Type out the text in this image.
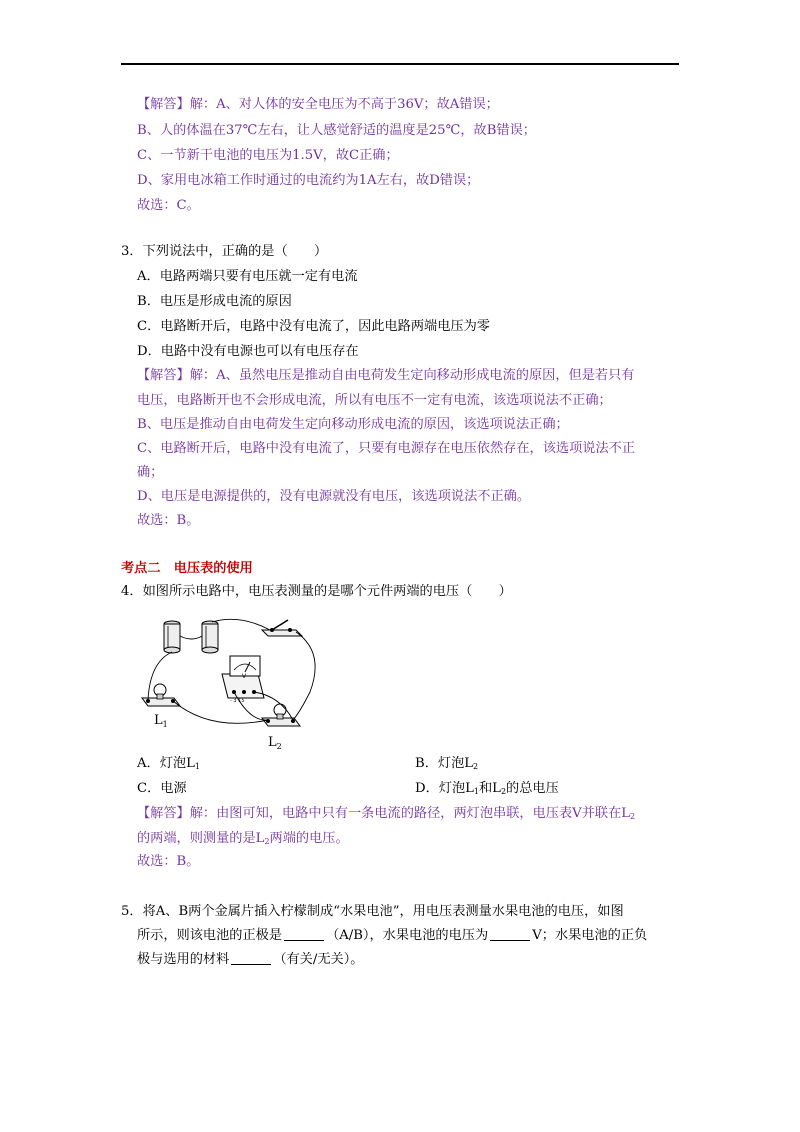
【解答】解：A、对人体的安全电压为不高于36V；故A错误；
B、人的体温在37℃左右，让人感觉舒适的温度是25℃，故B错误；
C、一节新干电池的电压为1.5V，故C正确；
D、家用电冰箱工作时通过的电流约为1A左右，故D错误；
故选：C。
3．下列说法中，正确的是（　　）
A．电路两端只要有电压就一定有电流
B．电压是形成电流的原因
C．电路断开后，电路中没有电流了，因此电路两端电压为零
D．电路中没有电源也可以有电压存在
【解答】解：A、虽然电压是推动自由电荷发生定向移动形成电流的原因，但是若只有
电压，电路断开也不会形成电流，所以有电压不一定有电流，该选项说法不正确；
B、电压是推动自由电荷发生定向移动形成电流的原因，该选项说法正确；
C、电路断开后，电路中没有电流了，只要有电源存在电压依然存在，该选项说法不正
确；
D、电压是电源提供的，没有电源就没有电压，该选项说法不正确。
故选：B。
考点二　电压表的使用
4．如图所示电路中，电压表测量的是哪个元件两端的电压（　　）
V
- 3 15
$L_1$
$L_2$
A．灯泡$L_1$	B．灯泡$L_2$
C．电源	D．灯泡$L_1$和$L_2$的总电压
【解答】解：由图可知，电路中只有一条电流的路径，两灯泡串联，电压表V并联在$L_2$
的两端，则测量的是$L_2$两端的电压。
故选：B。
5．将A、B两个金属片插入柠檬制成“水果电池”，用电压表测量水果电池的电压，如图
所示，则该电池的正极是	（A/B），水果电池的电压为	V；水果电池的正负
极与选用的材料	（有关/无关）。
